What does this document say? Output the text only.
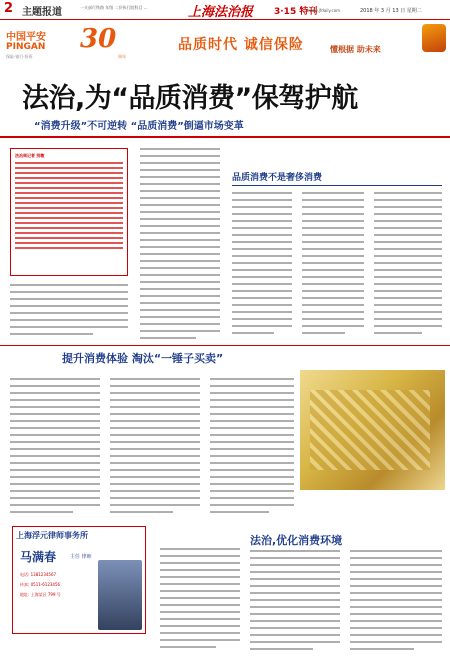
2 主题报道	一支部行铁路 年级 二层执行院科目 ...	上海法治报 3·15 特刊
www.jfdaily.com	2018 年 3 月 13 日 星期二
中国平安
PINGAN
保险·银行·投资
30
周年
品质时代 诚信保险	懂根据 助未来
法治,为“品质消费”保驾护航
“消费升级”不可逆转 “品质消费”倒逼市场变革
法治周记者 别敏
品质消费不是奢侈消费
提升消费体验 淘汰“一锤子买卖”
上海浮元律师事务所
马满春	主任 律师
电话: 1381234567
传真: 0511-6123456
地址: 上海某区 799 号
法治,优化消费环境
